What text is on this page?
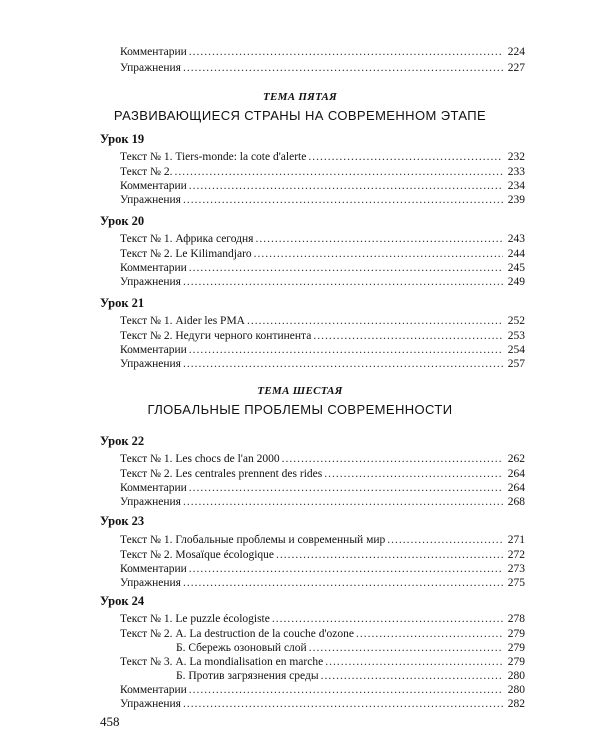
Комментарии .....	224
Упражнения .....	227
ТЕМА ПЯТАЯ
РАЗВИВАЮЩИЕСЯ СТРАНЫ НА СОВРЕМЕННОМ ЭТАПЕ
Урок 19
Текст № 1. Tiers-monde: la cote d'alerte .....	232
Текст № 2. .....	233
Комментарии .....	234
Упражнения .....	239
Урок 20
Текст № 1. Африка сегодня .....	243
Текст № 2. Le Kilimandjaro .....	244
Комментарии .....	245
Упражнения .....	249
Урок 21
Текст № 1. Aider les PMA .....	252
Текст № 2. Недуги черного континента .....	253
Комментарии .....	254
Упражнения .....	257
ТЕМА ШЕСТАЯ
ГЛОБАЛЬНЫЕ ПРОБЛЕМЫ СОВРЕМЕННОСТИ
Урок 22
Текст № 1. Les chocs de l'an 2000 .....	262
Текст № 2. Les centrales prennent des rides .....	264
Комментарии .....	264
Упражнения .....	268
Урок 23
Текст № 1. Глобальные проблемы и современный мир .....	271
Текст № 2. Mosaïque écologique .....	272
Комментарии .....	273
Упражнения .....	275
Урок 24
Текст № 1. Le puzzle écologiste .....	278
Текст № 2. А. La destruction de la couche d'ozone .....	279
Б. Сбережь озоновый слой .....	279
Текст № 3. А. La mondialisation en marche .....	279
Б. Против загрязнения среды .....	280
Комментарии .....	280
Упражнения .....	282
458
